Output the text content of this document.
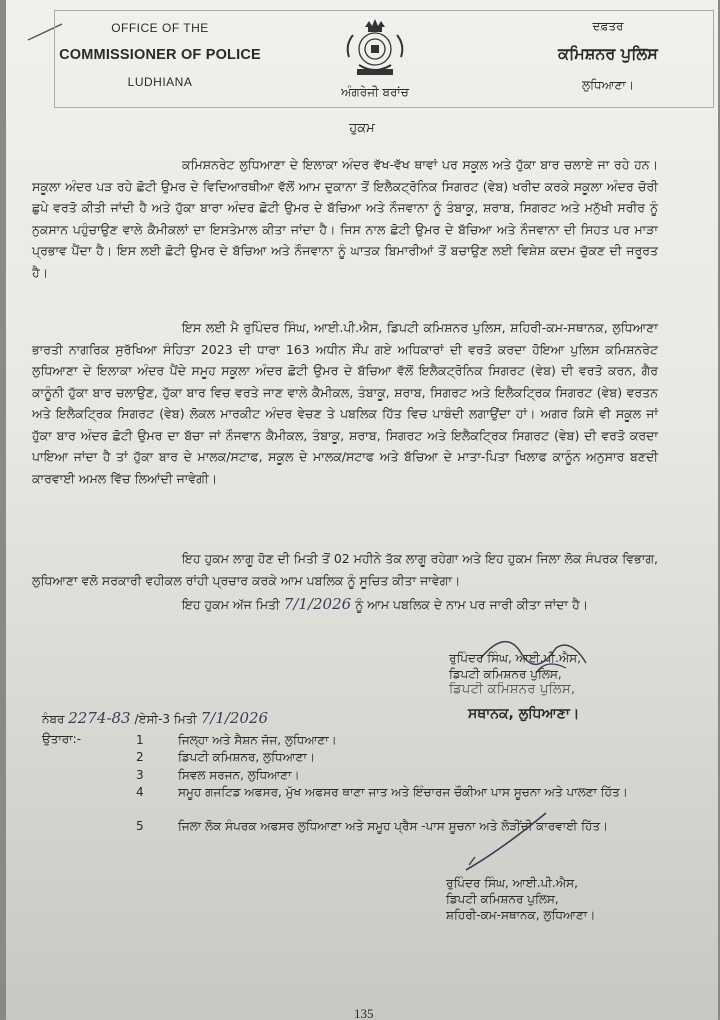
OFFICE OF THE
COMMISSIONER OF POLICE
LUDHIANA
ਅੰਗਰੇਜੀ ਬਰਾਂਚ
ਦਫ਼ਤਰ
ਕਮਿਸ਼ਨਰ ਪੁਲਿਸ
ਲੁਧਿਆਣਾ।
ਹੁਕਮ
ਕਮਿਸ਼ਨਰੇਟ ਲੁਧਿਆਣਾ ਦੇ ਇਲਾਕਾ ਅੰਦਰ ਵੱਖ-ਵੱਖ ਥਾਵਾਂ ਪਰ ਸਕੂਲ ਅਤੇ ਹੁੱਕਾ ਬਾਰ ਚਲਾਏ ਜਾ ਰਹੇ ਹਨ। ਸਕੂਲਾ ਅੰਦਰ ਪੜ ਰਹੇ ਛੋਟੀ ਉਮਰ ਦੇ ਵਿਦਿਆਰਥੀਆ ਵੱਲੋਂ ਆਮ ਦੁਕਾਨਾ ਤੋਂ ਇਲੈਕਟ੍ਰੋਨਿਕ ਸਿਗਰਟ (ਵੇਬ) ਖਰੀਦ ਕਰਕੇ ਸਕੂਲਾ ਅੰਦਰ ਚੋਰੀ ਛੁਪੇ ਵਰਤੋ ਕੀਤੀ ਜਾਂਦੀ ਹੈ ਅਤੇ ਹੁੱਕਾ ਬਾਰਾ ਅੰਦਰ ਛੋਟੀ ਉਮਰ ਦੇ ਬੱਚਿਆ ਅਤੇ ਨੌਜਵਾਨਾ ਨੂੰ ਤੰਬਾਕੂ, ਸ਼ਰਾਬ, ਸਿਗਰਟ ਅਤੇ ਮਨੁੱਖੀ ਸਰੀਰ ਨੂੰ ਨੁਕਸਾਨ ਪਹੁੰਚਾਉਣ ਵਾਲੇ ਕੈਮੀਕਲਾਂ ਦਾ ਇਸਤੇਮਾਲ ਕੀਤਾ ਜਾਂਦਾ ਹੈ। ਜਿਸ ਨਾਲ ਛੋਟੀ ਉਮਰ ਦੇ ਬੱਚਿਆ ਅਤੇ ਨੌਜਵਾਨਾ ਦੀ ਸਿਹਤ ਪਰ ਮਾੜਾ ਪ੍ਰਭਾਵ ਪੈਂਦਾ ਹੈ। ਇਸ ਲਈ ਛੋਟੀ ਉਮਰ ਦੇ ਬੱਚਿਆ ਅਤੇ ਨੌਜਵਾਨਾ ਨੂੰ ਘਾਤਕ ਬਿਮਾਰੀਆਂ ਤੋਂ ਬਚਾਉਣ ਲਈ ਵਿਸ਼ੇਸ਼ ਕਦਮ ਚੁੱਕਣ ਦੀ ਜਰੂਰਤ ਹੈ।
ਇਸ ਲਈ ਮੈ ਰੁਪਿੰਦਰ ਸਿੰਘ, ਆਈ.ਪੀ.ਐਸ, ਡਿਪਟੀ ਕਮਿਸ਼ਨਰ ਪੁਲਿਸ, ਸ਼ਹਿਰੀ-ਕਮ-ਸਥਾਨਕ, ਲੁਧਿਆਣਾ ਭਾਰਤੀ ਨਾਗਰਿਕ ਸੁਰੱਖਿਆ ਸੰਹਿਤਾ 2023 ਦੀ ਧਾਰਾ 163 ਅਧੀਨ ਸੌਂਪ ਗਏ ਅਧਿਕਾਰਾਂ ਦੀ ਵਰਤੋ ਕਰਦਾ ਹੋਇਆ ਪੁਲਿਸ ਕਮਿਸ਼ਨਰੇਟ ਲੁਧਿਆਣਾ ਦੇ ਇਲਾਕਾ ਅੰਦਰ ਪੈਂਦੇ ਸਮੂਹ ਸਕੂਲਾ ਅੰਦਰ ਛੋਟੀ ਉਮਰ ਦੇ ਬੱਚਿਆ ਵੱਲੋਂ ਇਲੈਕਟ੍ਰੋਨਿਕ ਸਿਗਰਟ (ਵੇਬ) ਦੀ ਵਰਤੋ ਕਰਨ, ਗੈਰ ਕਾਨੂੰਨੀ ਹੁੱਕਾ ਬਾਰ ਚਲਾਉਣ, ਹੁੱਕਾ ਬਾਰ ਵਿਚ ਵਰਤੇ ਜਾਣ ਵਾਲੇ ਕੈਮੀਕਲ, ਤੰਬਾਕੂ, ਸ਼ਰਾਬ, ਸਿਗਰਟ ਅਤੇ ਇਲੈਕਟ੍ਰਿਕ ਸਿਗਰਟ (ਵੇਬ) ਵਰਤਨ ਅਤੇ ਇਲੈਕਟ੍ਰਿਕ ਸਿਗਰਟ (ਵੇਬ) ਲੋਕਲ ਮਾਰਕੀਟ ਅੰਦਰ ਵੇਚਣ ਤੇ ਪਬਲਿਕ ਹਿੱਤ ਵਿਚ ਪਾਬੰਦੀ ਲਗਾਉਂਦਾ ਹਾਂ। ਅਗਰ ਕਿਸੇ ਵੀ ਸਕੂਲ ਜਾਂ ਹੁੱਕਾ ਬਾਰ ਅੰਦਰ ਛੋਟੀ ਉਮਰ ਦਾ ਬੱਚਾ ਜਾਂ ਨੌਜਵਾਨ ਕੈਮੀਕਲ, ਤੰਬਾਕੂ, ਸ਼ਰਾਬ, ਸਿਗਰਟ ਅਤੇ ਇਲੈਕਟ੍ਰਿਕ ਸਿਗਰਟ (ਵੇਬ) ਦੀ ਵਰਤੋ ਕਰਦਾ ਪਾਇਆ ਜਾਂਦਾ ਹੈ ਤਾਂ ਹੁੱਕਾ ਬਾਰ ਦੇ ਮਾਲਕ/ਸਟਾਫ, ਸਕੂਲ ਦੇ ਮਾਲਕ/ਸਟਾਫ ਅਤੇ ਬੱਚਿਆ ਦੇ ਮਾਤਾ-ਪਿਤਾ ਖਿਲਾਫ ਕਾਨੂੰਨ ਅਨੁਸਾਰ ਬਣਦੀ ਕਾਰਵਾਈ ਅਮਲ ਵਿੱਚ ਲਿਆਂਦੀ ਜਾਵੇਗੀ।
ਇਹ ਹੁਕਮ ਲਾਗੂ ਹੋਣ ਦੀ ਮਿਤੀ ਤੋਂ 02 ਮਹੀਨੇ ਤੱਕ ਲਾਗੂ ਰਹੇਗਾ ਅਤੇ ਇਹ ਹੁਕਮ ਜਿਲਾ ਲੋਕ ਸੰਪਰਕ ਵਿਭਾਗ, ਲੁਧਿਆਣਾ ਵਲੋ ਸਰਕਾਰੀ ਵਹੀਕਲ ਰਾਂਹੀ ਪ੍ਰਚਾਰ ਕਰਕੇ ਆਮ ਪਬਲਿਕ ਨੂੰ ਸੂਚਿਤ ਕੀਤਾ ਜਾਵੇਗਾ।
ਇਹ ਹੁਕਮ ਅੱਜ ਮਿਤੀ 7/1/2026 ਨੂੰ ਆਮ ਪਬਲਿਕ ਦੇ ਨਾਮ ਪਰ ਜਾਰੀ ਕੀਤਾ ਜਾਂਦਾ ਹੈ।
ਰੁਪਿੰਦਰ ਸਿੰਘ, ਆਈ.ਪੀ.ਐਸ,
ਡਿਪਟੀ ਕਮਿਸ਼ਨਰ ਪੁਲਿਸ,
ਡਿਪਟੀ ਕਮਿਸ਼ਨਰ ਪੁਲਿਸ,
ਸਥਾਨਕ, ਲੁਧਿਆਣਾ।
ਨੰਬਰ 2274-83 /ਏਸੀ-3 ਮਿਤੀ 7/1/2026
ਉਤਾਰਾ:-	1	ਜਿਲ੍ਹਾ ਅਤੇ ਸੈਸ਼ਨ ਜੱਜ, ਲੁਧਿਆਣਾ।
2	ਡਿਪਟੀ ਕਮਿਸ਼ਨਰ, ਲੁਧਿਆਣਾ।
3	ਸਿਵਲ ਸਰਜਨ, ਲੁਧਿਆਣਾ।
4	ਸਮੂਹ ਗਜਟਿਡ ਅਫਸਰ, ਮੁੱਖ ਅਫਸਰ ਥਾਣਾ ਜਾਤ ਅਤੇ ਇੰਚਾਰਜ ਚੌਕੀਆ ਪਾਸ ਸੂਚਨਾ ਅਤੇ ਪਾਲਣਾ ਹਿੱਤ।
5	ਜਿਲਾ ਲੋਕ ਸੰਪਰਕ ਅਫਸਰ ਲੁਧਿਆਣਾ ਅਤੇ ਸਮੂਹ ਪ੍ਰੈਸ -ਪਾਸ ਸੂਚਨਾ ਅਤੇ ਲੋੜੀਂਦੀ ਕਾਰਵਾਈ ਹਿੱਤ।
ਰੁਪਿੰਦਰ ਸਿੰਘ, ਆਈ.ਪੀ.ਐਸ,
ਡਿਪਟੀ ਕਮਿਸ਼ਨਰ ਪੁਲਿਸ,
ਸ਼ਹਿਰੀ-ਕਮ-ਸਥਾਨਕ, ਲੁਧਿਆਣਾ।
135
